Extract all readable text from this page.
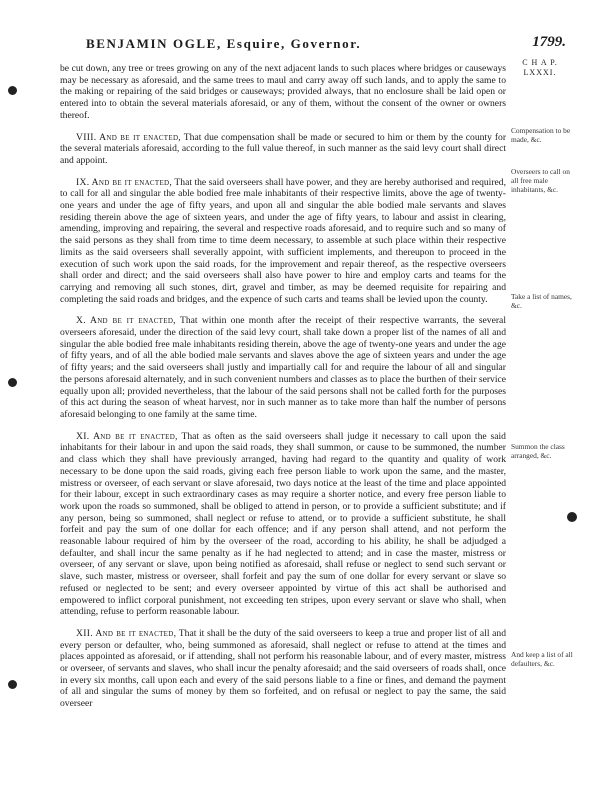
BENJAMIN OGLE, Esquire, Governor.	1799.
C H A P.
LXXXI.

be cut down, any tree or trees growing on any of the next adjacent lands to such places where bridges or causeways may be necessary as aforesaid, and the same trees to maul and carry away off such lands, and to apply the same to the making or repairing of the said bridges or causeways; provided always, that no enclosure shall be laid open or entered into to obtain the several materials aforesaid, or any of them, without the consent of the owner or owners thereof.

VIII. And be it enacted, That due compensation shall be made or secured to him or them by the county for the several materials aforesaid, according to the full value thereof, in such manner as the said levy court shall direct and appoint.

IX. And be it enacted, That the said overseers shall have power, and they are hereby authorised and required, to call for all and singular the able bodied free male inhabitants of their respective limits, above the age of twenty-one years and under the age of fifty years, and upon all and singular the able bodied male servants and slaves residing therein above the age of sixteen years, and under the age of fifty years, to labour and assist in clearing, amending, improving and repairing, the several and respective roads aforesaid, and to require such and so many of the said persons as they shall from time to time deem necessary, to assemble at such place within their respective limits as the said overseers shall severally appoint, with sufficient implements, and thereupon to proceed in the execution of such work upon the said roads, for the improvement and repair thereof, as the respective overseers shall order and direct; and the said overseers shall also have power to hire and employ carts and teams for the carrying and removing all such stones, dirt, gravel and timber, as may be deemed requisite for repairing and completing the said roads and bridges, and the expence of such carts and teams shall be levied upon the county.

X. And be it enacted, That within one month after the receipt of their respective warrants, the several overseers aforesaid, under the direction of the said levy court, shall take down a proper list of the names of all and singular the able bodied free male inhabitants residing therein, above the age of twenty-one years and under the age of fifty years, and of all the able bodied male servants and slaves above the age of sixteen years and under the age of fifty years; and the said overseers shall justly and impartially call for and require the labour of all and singular the persons aforesaid alternately, and in such convenient numbers and classes as to place the burthen of their service equally upon all; provided nevertheless, that the labour of the said persons shall not be called forth for the purposes of this act during the season of wheat harvest, nor in such manner as to take more than half the number of persons aforesaid belonging to one family at the same time.

XI. And be it enacted, That as often as the said overseers shall judge it necessary to call upon the said inhabitants for their labour in and upon the said roads, they shall summon, or cause to be summoned, the number and class which they shall have previously arranged, having had regard to the quantity and quality of work necessary to be done upon the said roads, giving each free person liable to work upon the same, and the master, mistress or overseer, of each servant or slave aforesaid, two days notice at the least of the time and place appointed for their labour, except in such extraordinary cases as may require a shorter notice, and every free person liable to work upon the roads so summoned, shall be obliged to attend in person, or to provide a sufficient substitute; and if any person, being so summoned, shall neglect or refuse to attend, or to provide a sufficient substitute, he shall forfeit and pay the sum of one dollar for each offence; and if any person shall attend, and not perform the reasonable labour required of him by the overseer of the road, according to his ability, he shall be adjudged a defaulter, and shall incur the same penalty as if he had neglected to attend; and in case the master, mistress or overseer, of any servant or slave, upon being notified as aforesaid, shall refuse or neglect to send such servant or slave, such master, mistress or overseer, shall forfeit and pay the sum of one dollar for every servant or slave so refused or neglected to be sent; and every overseer appointed by virtue of this act shall be authorised and empowered to inflict corporal punishment, not exceeding ten stripes, upon every servant or slave who shall, when attending, refuse to perform reasonable labour.

XII. And be it enacted, That it shall be the duty of the said overseers to keep a true and proper list of all and every person or defaulter, who, being summoned as aforesaid, shall neglect or refuse to attend at the times and places appointed as aforesaid, or if attending, shall not perform his reasonable labour, and of every master, mistress or overseer, of servants and slaves, who shall incur the penalty aforesaid; and the said overseers of roads shall, once in every six months, call upon each and every of the said persons liable to a fine or fines, and demand the payment of all and singular the sums of money by them so forfeited, and on refusal or neglect to pay the same, the said overseer

Compensation to be made, &c.
Overseers to call on all free male inhabitants, &c.
Take a list of names, &c.
Summon the class arranged, &c.
And keep a list of all defaulters, &c.
